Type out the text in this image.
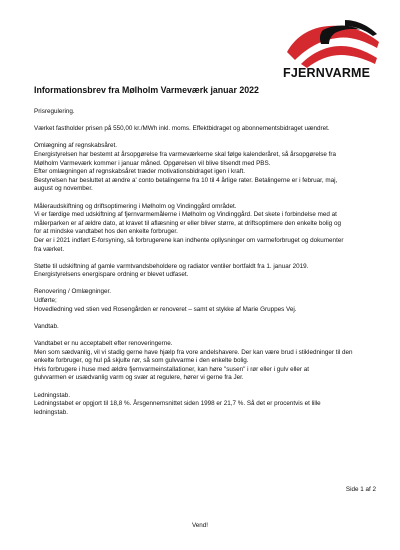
FJERNVARME
Informationsbrev fra Mølholm Varmeværk januar 2022

Prisregulering.

Værket fastholder prisen på 550,00 kr./MWh inkl. moms. Effektbidraget og abonnementsbidraget uændret.

Omlægning af regnskabsåret.

Energistyrelsen har bestemt at årsopgørelse fra varmeværkerne skal følge kalenderåret, så årsopgørelse fra

Mølholm Varmeværk kommer i januar måned. Opgørelsen vil blive tilsendt med PBS.

Efter omlægningen af regnskabsåret træder motivationsbidraget igen i kraft.

Bestyrelsen har besluttet at ændre a' conto betalingerne fra 10 til 4 årlige rater. Betalingerne er i februar, maj,

august og november.

Måleraudskiftning og driftsoptimering i Mølholm og Vindinggård området.

Vi er færdige med udskiftning af fjernvarmemålerne i Mølholm og Vindinggård. Det skete i forbindelse med at

målerparken er af ældre dato, at kravet til aflæsning er eller bliver større, at driftsoptimere den enkelte bolig og

for at mindske vandtabet hos den enkelte forbruger.

Der er i 2021 indført E-forsyning, så forbrugerene kan indhente opllysninger om varmeforbruget og dokumenter

fra værket.

Støtte til udskiftning af gamle varmtvandsbeholdere og radiator ventiler bortfaldt fra 1. januar 2019.

Energistyrelsens energispare ordning er blevet udfaset.

Renovering / Omlægninger.

Udførte;

Hovedledning ved stien ved Rosengården er renoveret – samt et stykke af Marie Gruppes Vej.

Vandtab.

Vandtabet er nu acceptabelt efter renoveringerne.

Men som sædvanlig, vil vi stadig gerne have hjælp fra vore andelshavere. Der kan være brud i stikledninger til den

enkelte forbruger, og hul på skjulte rør, så som gulvvarme i den enkelte bolig.

Hvis forbrugere i huse med ældre fjernvarmeinstallationer, kan høre "susen" i rør eller i gulv eller at

gulvvarmen er usædvanlig varm og svær at regulere, hører vi gerne fra Jer.

Ledningstab.

Ledningstabet er opgjort til 18,8 %. Årsgennemsnittet siden 1998 er 21,7 %. Så det er procentvis et lille

ledningstab.

Side 1 af 2
Vend!
